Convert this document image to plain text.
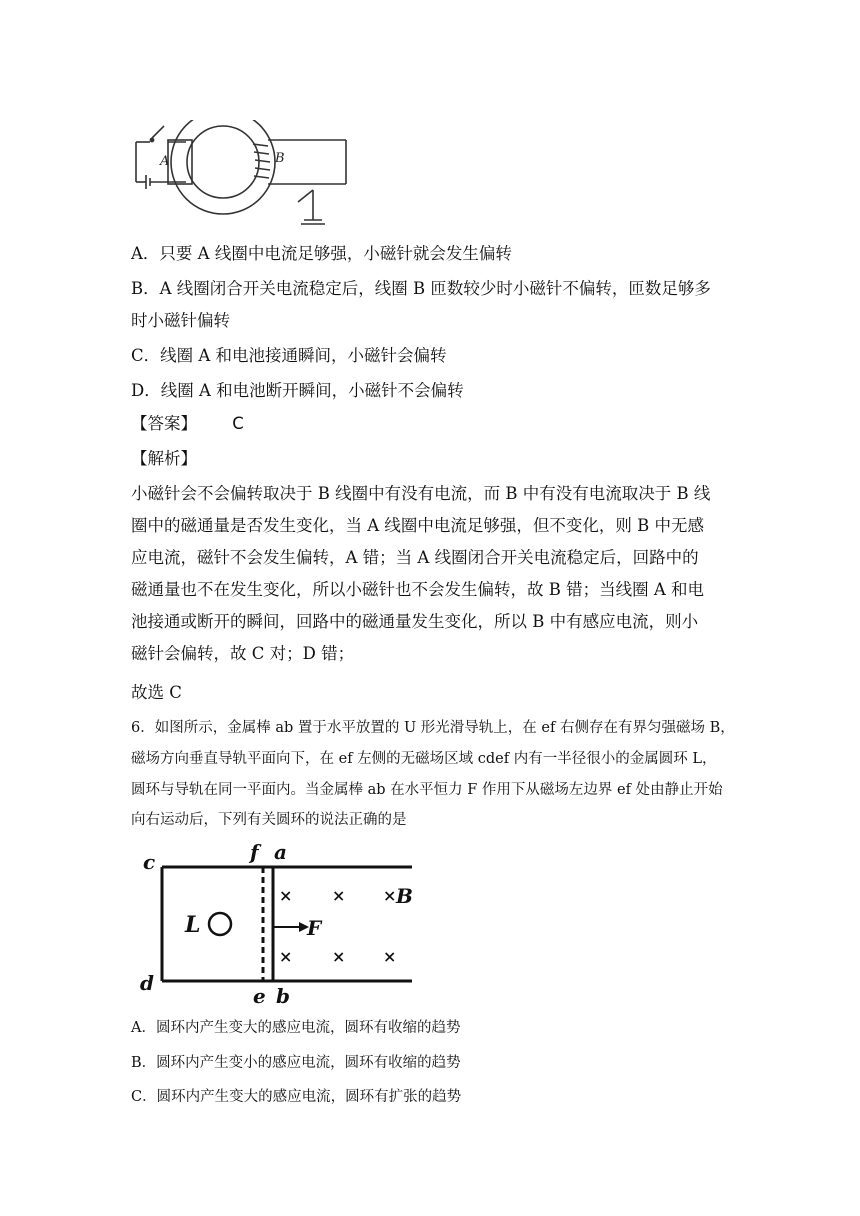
A	B
A．只要 A 线圈中电流足够强，小磁针就会发生偏转
B．A 线圈闭合开关电流稳定后，线圈 B 匝数较少时小磁针不偏转，匝数足够多
时小磁针偏转
C．线圈 A 和电池接通瞬间，小磁针会偏转
D．线圈 A 和电池断开瞬间，小磁针不会偏转
【答案】 C
【解析】
小磁针会不会偏转取决于 B 线圈中有没有电流，而 B 中有没有电流取决于 B 线
圈中的磁通量是否发生变化，当 A 线圈中电流足够强，但不变化，则 B 中无感
应电流，磁针不会发生偏转，A 错；当 A 线圈闭合开关电流稳定后，回路中的
磁通量也不在发生变化，所以小磁针也不会发生偏转，故 B 错；当线圈 A 和电
池接通或断开的瞬间，回路中的磁通量发生变化，所以 B 中有感应电流，则小
磁针会偏转，故 C 对；D 错；
故选 C
6．如图所示，金属棒 ab 置于水平放置的 U 形光滑导轨上，在 ef 右侧存在有界匀强磁场 B，
磁场方向垂直导轨平面向下，在 ef 左侧的无磁场区域 cdef 内有一半径很小的金属圆环 L，
圆环与导轨在同一平面内。当金属棒 ab 在水平恒力 F 作用下从磁场左边界 ef 处由静止开始
向右运动后，下列有关圆环的说法正确的是
c
d
f a
e b
B
F
L
× × ×
× × ×
A．圆环内产生变大的感应电流，圆环有收缩的趋势
B．圆环内产生变小的感应电流，圆环有收缩的趋势
C．圆环内产生变大的感应电流，圆环有扩张的趋势
